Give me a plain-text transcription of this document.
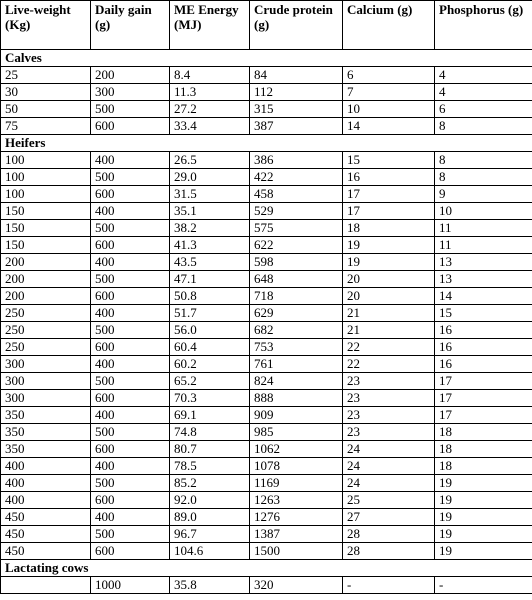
Live-weight (Kg)	Daily gain (g)	ME Energy (MJ)	Crude protein (g)	Calcium (g)	Phosphorus (g)
Calves					
25	200	8.4	84	6	4
30	300	11.3	112	7	4
50	500	27.2	315	10	6
75	600	33.4	387	14	8
Heifers					
100	400	26.5	386	15	8
100	500	29.0	422	16	8
100	600	31.5	458	17	9
150	400	35.1	529	17	10
150	500	38.2	575	18	11
150	600	41.3	622	19	11
200	400	43.5	598	19	13
200	500	47.1	648	20	13
200	600	50.8	718	20	14
250	400	51.7	629	21	15
250	500	56.0	682	21	16
250	600	60.4	753	22	16
300	400	60.2	761	22	16
300	500	65.2	824	23	17
300	600	70.3	888	23	17
350	400	69.1	909	23	17
350	500	74.8	985	23	18
350	600	80.7	1062	24	18
400	400	78.5	1078	24	18
400	500	85.2	1169	24	19
400	600	92.0	1263	25	19
450	400	89.0	1276	27	19
450	500	96.7	1387	28	19
450	600	104.6	1500	28	19
Lactating cows					
	1000	35.8	320	-	-
